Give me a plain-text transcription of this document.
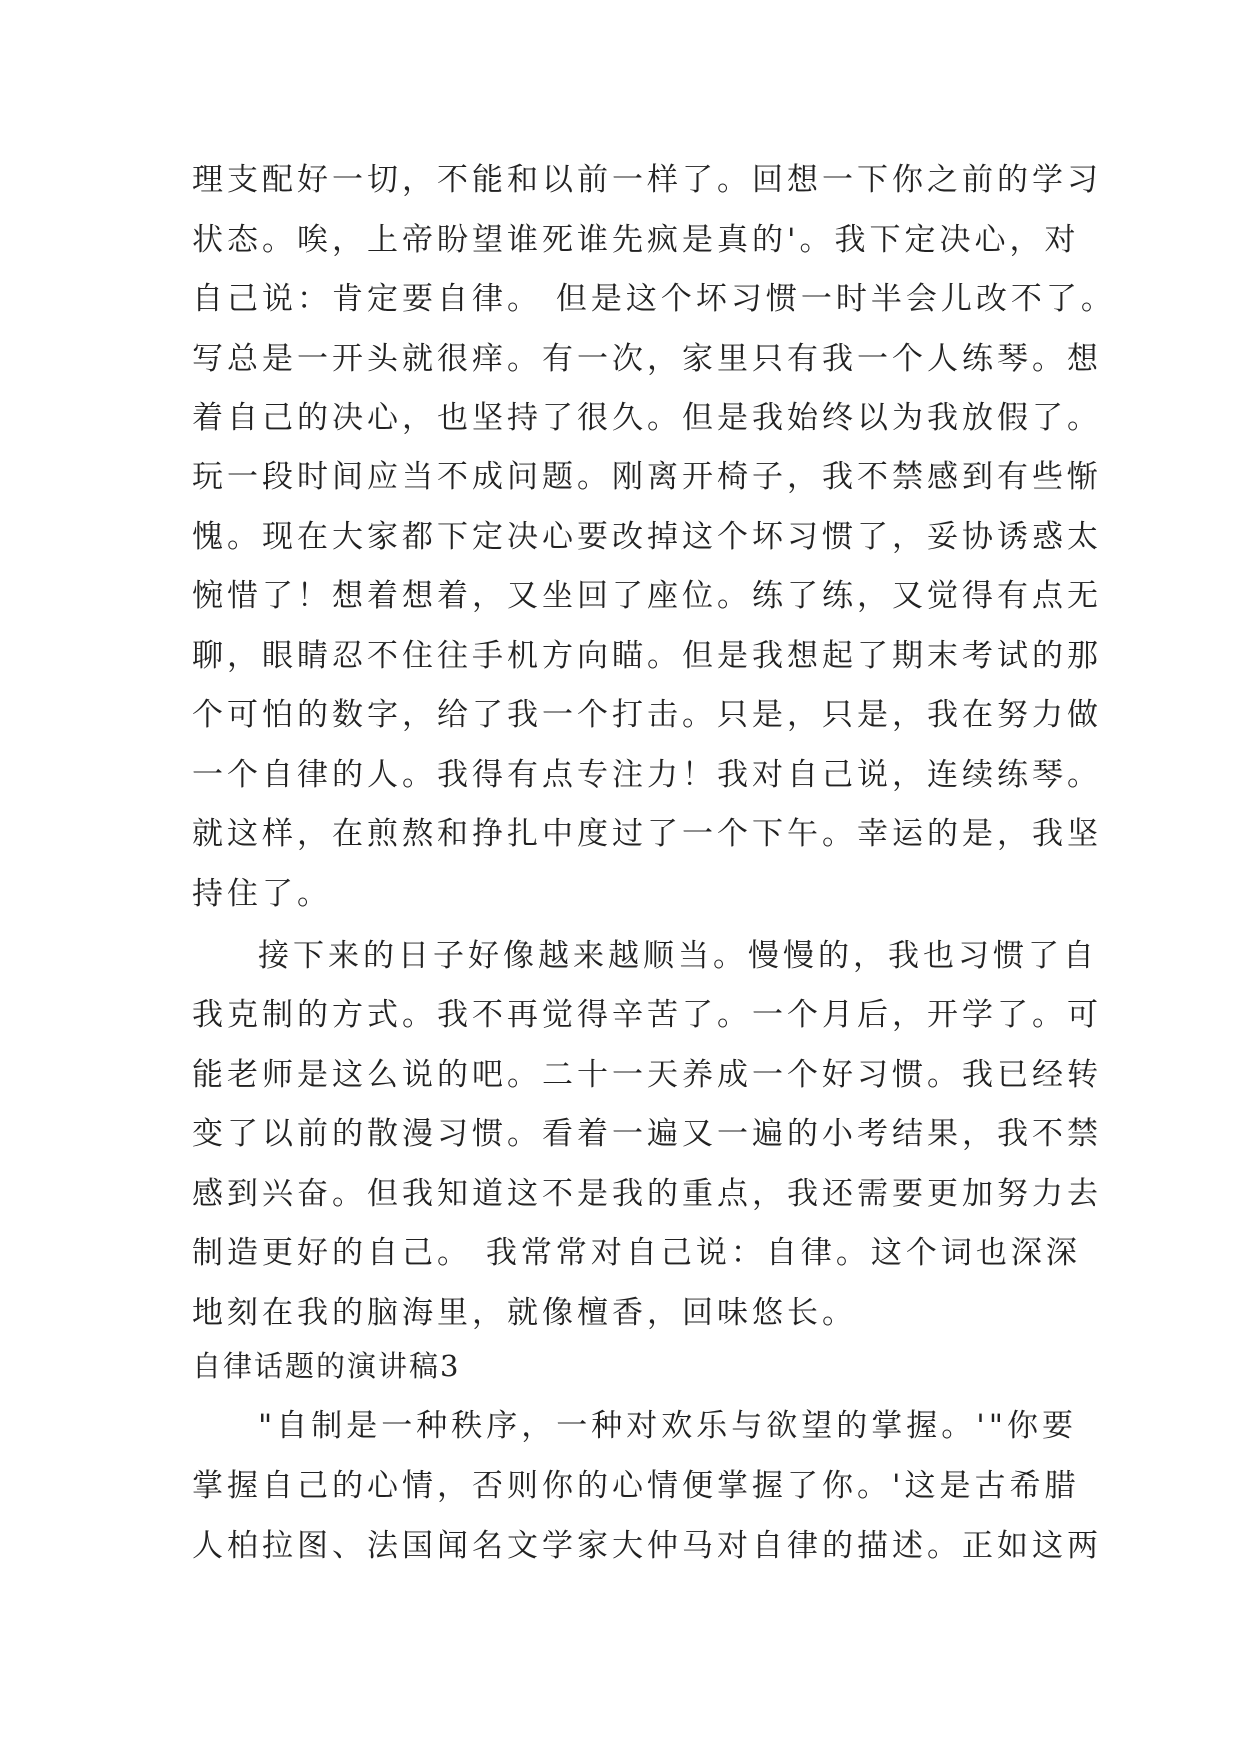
理支配好一切，不能和以前一样了。回想一下你之前的学习
状态。唉，上帝盼望谁死谁先疯是真的'。我下定决心，对
自己说：肯定要自律。 但是这个坏习惯一时半会儿改不了。
写总是一开头就很痒。有一次，家里只有我一个人练琴。想
着自己的决心，也坚持了很久。但是我始终以为我放假了。
玩一段时间应当不成问题。刚离开椅子，我不禁感到有些惭
愧。现在大家都下定决心要改掉这个坏习惯了，妥协诱惑太
惋惜了！想着想着，又坐回了座位。练了练，又觉得有点无
聊，眼睛忍不住往手机方向瞄。但是我想起了期末考试的那
个可怕的数字，给了我一个打击。只是，只是，我在努力做
一个自律的人。我得有点专注力！我对自己说，连续练琴。
就这样，在煎熬和挣扎中度过了一个下午。幸运的是，我坚
持住了。
接下来的日子好像越来越顺当。慢慢的，我也习惯了自
我克制的方式。我不再觉得辛苦了。一个月后，开学了。可
能老师是这么说的吧。二十一天养成一个好习惯。我已经转
变了以前的散漫习惯。看着一遍又一遍的小考结果，我不禁
感到兴奋。但我知道这不是我的重点，我还需要更加努力去
制造更好的自己。 我常常对自己说：自律。这个词也深深
地刻在我的脑海里，就像檀香，回味悠长。
自律话题的演讲稿3
"自制是一种秩序，一种对欢乐与欲望的掌握。'"你要
掌握自己的心情，否则你的心情便掌握了你。'这是古希腊
人柏拉图、法国闻名文学家大仲马对自律的描述。正如这两
